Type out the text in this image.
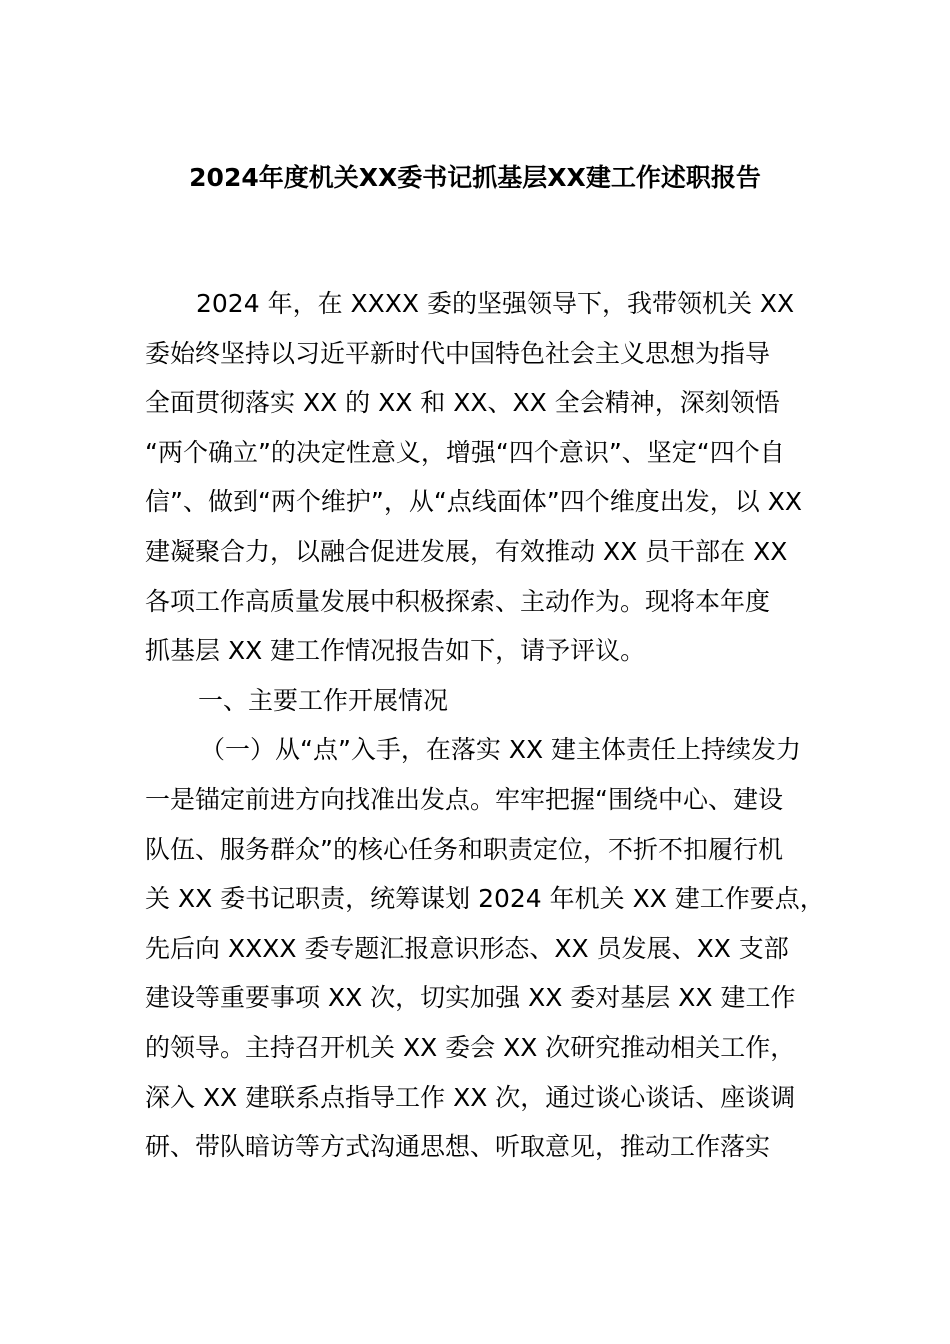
2024年度机关XX委书记抓基层XX建工作述职报告
2024 年，在 XXXX 委的坚强领导下，我带领机关 XX
委始终坚持以习近平新时代中国特色社会主义思想为指导
全面贯彻落实 XX 的 XX 和 XX、XX 全会精神，深刻领悟
“两个确立”的决定性意义，增强“四个意识”、坚定“四个自
信”、做到“两个维护”，从“点线面体”四个维度出发，以 XX
建凝聚合力，以融合促进发展，有效推动 XX 员干部在 XX
各项工作高质量发展中积极探索、主动作为。现将本年度
抓基层 XX 建工作情况报告如下，请予评议。
一、主要工作开展情况
（一）从“点”入手，在落实 XX 建主体责任上持续发力
一是锚定前进方向找准出发点。牢牢把握“围绕中心、建设
队伍、服务群众”的核心任务和职责定位，不折不扣履行机
关 XX 委书记职责，统筹谋划 2024 年机关 XX 建工作要点，
先后向 XXXX 委专题汇报意识形态、XX 员发展、XX 支部
建设等重要事项 XX 次，切实加强 XX 委对基层 XX 建工作
的领导。主持召开机关 XX 委会 XX 次研究推动相关工作，
深入 XX 建联系点指导工作 XX 次，通过谈心谈话、座谈调
研、带队暗访等方式沟通思想、听取意见，推动工作落实
